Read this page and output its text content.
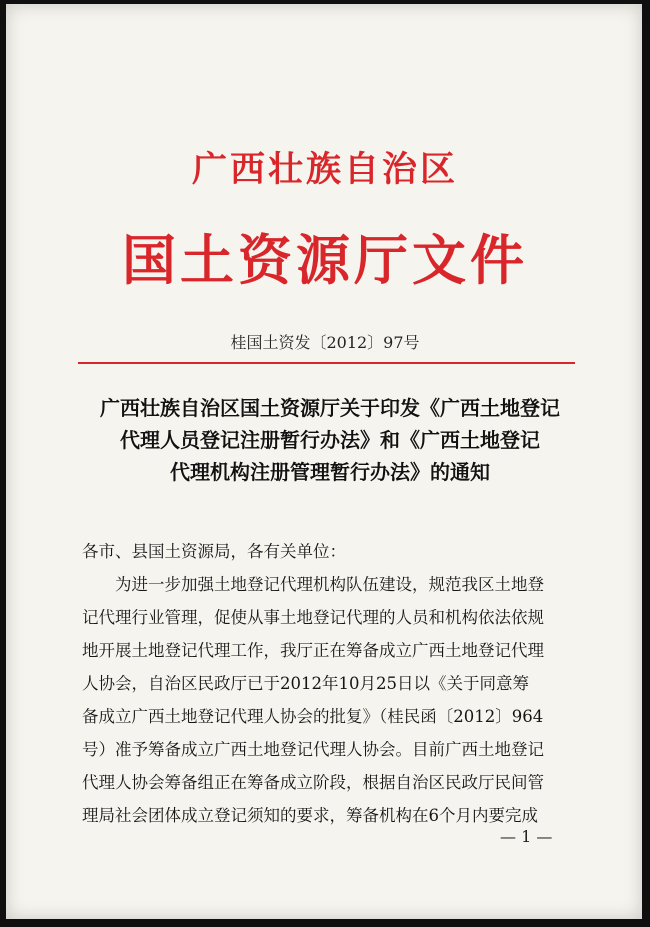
广西壮族自治区
国土资源厅文件
桂国土资发〔2012〕97号
广西壮族自治区国土资源厅关于印发《广西土地登记
代理人员登记注册暂行办法》和《广西土地登记
代理机构注册管理暂行办法》的通知
各市、县国土资源局，各有关单位：
　　为进一步加强土地登记代理机构队伍建设，规范我区土地登
记代理行业管理，促使从事土地登记代理的人员和机构依法依规
地开展土地登记代理工作，我厅正在筹备成立广西土地登记代理
人协会，自治区民政厅已于2012年10月25日以《关于同意筹
备成立广西土地登记代理人协会的批复》（桂民函〔2012〕964
号）准予筹备成立广西土地登记代理人协会。目前广西土地登记
代理人协会筹备组正在筹备成立阶段，根据自治区民政厅民间管
理局社会团体成立登记须知的要求，筹备机构在6个月内要完成
— 1 —
